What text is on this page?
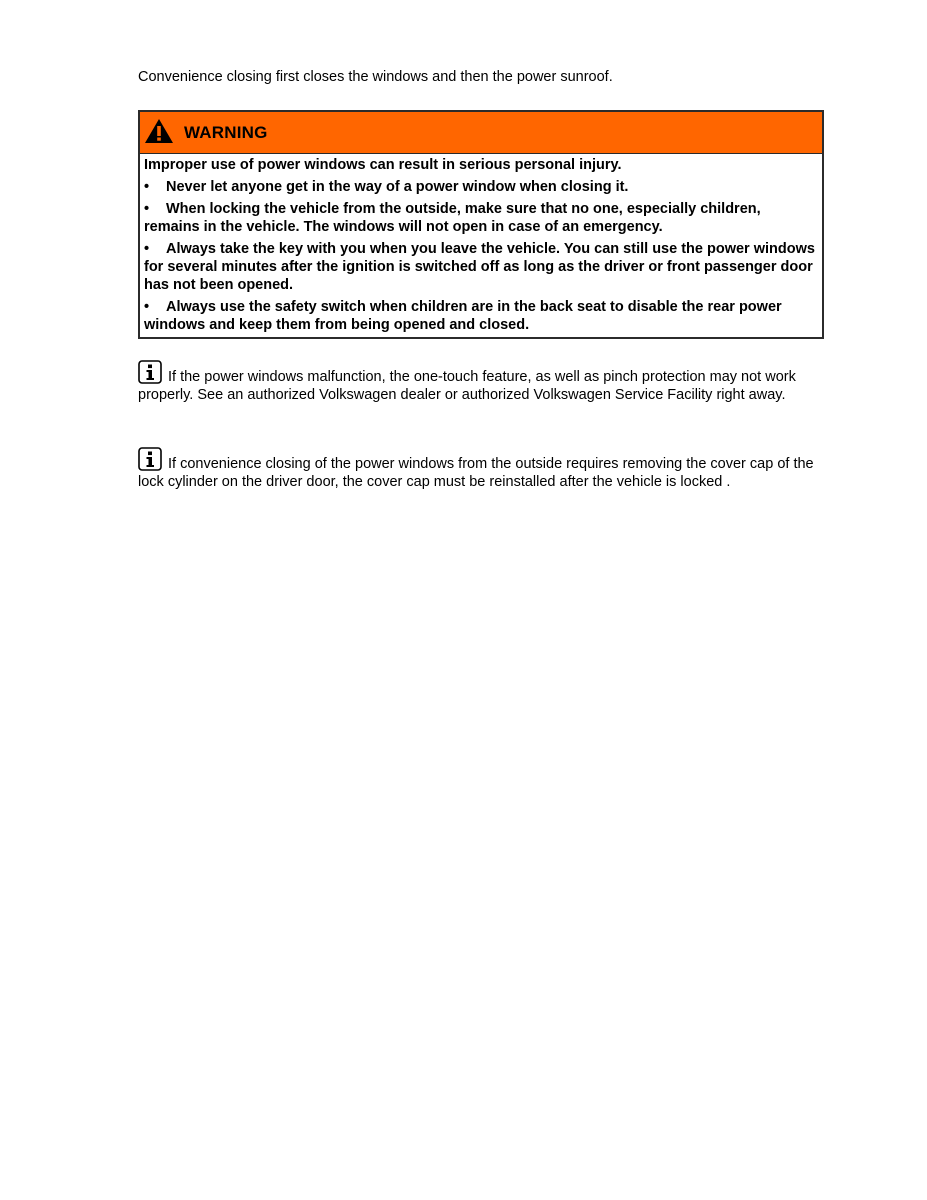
Convenience closing first closes the windows and then the power sunroof.

WARNING

Improper use of power windows can result in serious personal injury.

• Never let anyone get in the way of a power window when closing it.

• When locking the vehicle from the outside, make sure that no one, especially children, remains in the vehicle. The windows will not open in case of an emergency.

• Always take the key with you when you leave the vehicle. You can still use the power windows for several minutes after the ignition is switched off as long as the driver or front passenger door has not been opened.

• Always use the safety switch when children are in the back seat to disable the rear power windows and keep them from being opened and closed.

If the power windows malfunction, the one-touch feature, as well as pinch protection may not work properly. See an authorized Volkswagen dealer or authorized Volkswagen Service Facility right away.

If convenience closing of the power windows from the outside requires removing the cover cap of the lock cylinder on the driver door, the cover cap must be reinstalled after the vehicle is locked .
